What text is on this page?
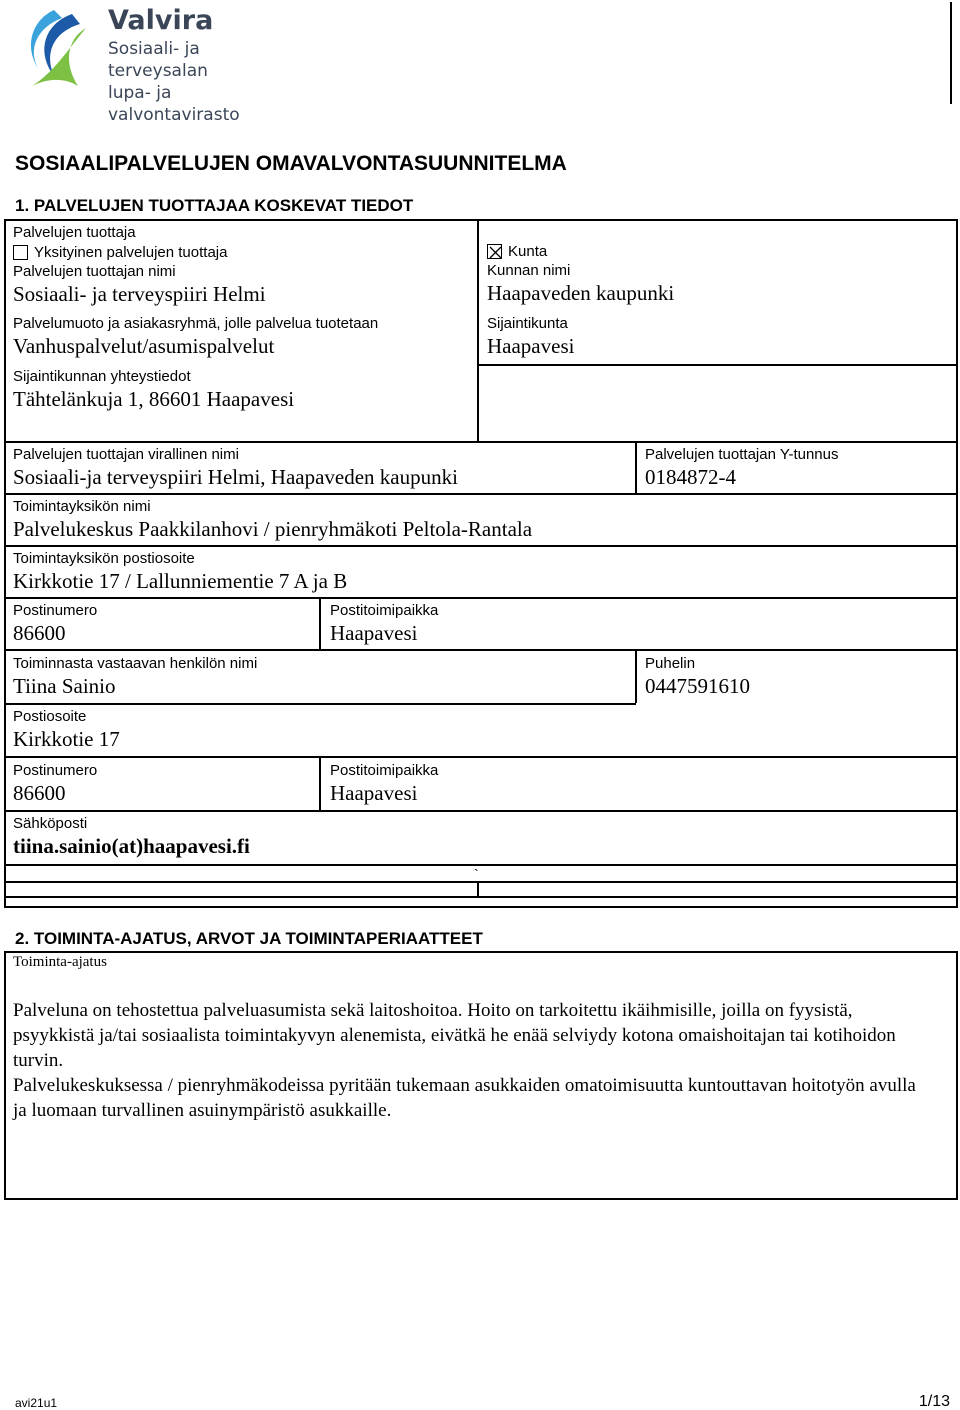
Valvira
Sosiaali- ja terveysalan
lupa- ja valvontavirasto
SOSIAALIPALVELUJEN OMAVALVONTASUUNNITELMA
1. PALVELUJEN TUOTTAJAA KOSKEVAT TIEDOT
`
Palvelujen tuottaja
Yksityinen palvelujen tuottaja
Palvelujen tuottajan nimi
Sosiaali- ja terveyspiiri Helmi
Palvelumuoto ja asiakasryhmä, jolle palvelua tuotetaan
Vanhuspalvelut/asumispalvelut
Sijaintikunnan yhteystiedot
Tähtelänkuja 1, 86601 Haapavesi
Kunta
Kunnan nimi
Haapaveden kaupunki
Sijaintikunta
Haapavesi
Palvelujen tuottajan virallinen nimi
Sosiaali-ja terveyspiiri Helmi, Haapaveden kaupunki
Palvelujen tuottajan Y-tunnus
0184872-4
Toimintayksikön nimi
Palvelukeskus Paakkilanhovi / pienryhmäkoti Peltola-Rantala
Toimintayksikön postiosoite
Kirkkotie 17 / Lallunniementie 7 A ja B
Postinumero
86600
Postitoimipaikka
Haapavesi
Toiminnasta vastaavan henkilön nimi
Tiina Sainio
Puhelin
0447591610
Postiosoite
Kirkkotie 17
Postinumero
86600
Postitoimipaikka
Haapavesi
Sähköposti
tiina.sainio(at)haapavesi.fi
2. TOIMINTA-AJATUS, ARVOT JA TOIMINTAPERIAATTEET
Toiminta-ajatus

Palveluna on tehostettua palveluasumista sekä laitoshoitoa. Hoito on tarkoitettu ikäihmisille, joilla on fyysistä, psyykkistä ja/tai sosiaalista toimintakyvyn alenemista, eivätkä he enää selviydy kotona omaishoitajan tai kotihoidon turvin.

Palvelukeskuksessa / pienryhmäkodeissa pyritään tukemaan asukkaiden omatoimisuutta kuntouttavan hoitotyön avulla ja luomaan turvallinen asuinympäristö asukkaille.

avi21u1	1/13
